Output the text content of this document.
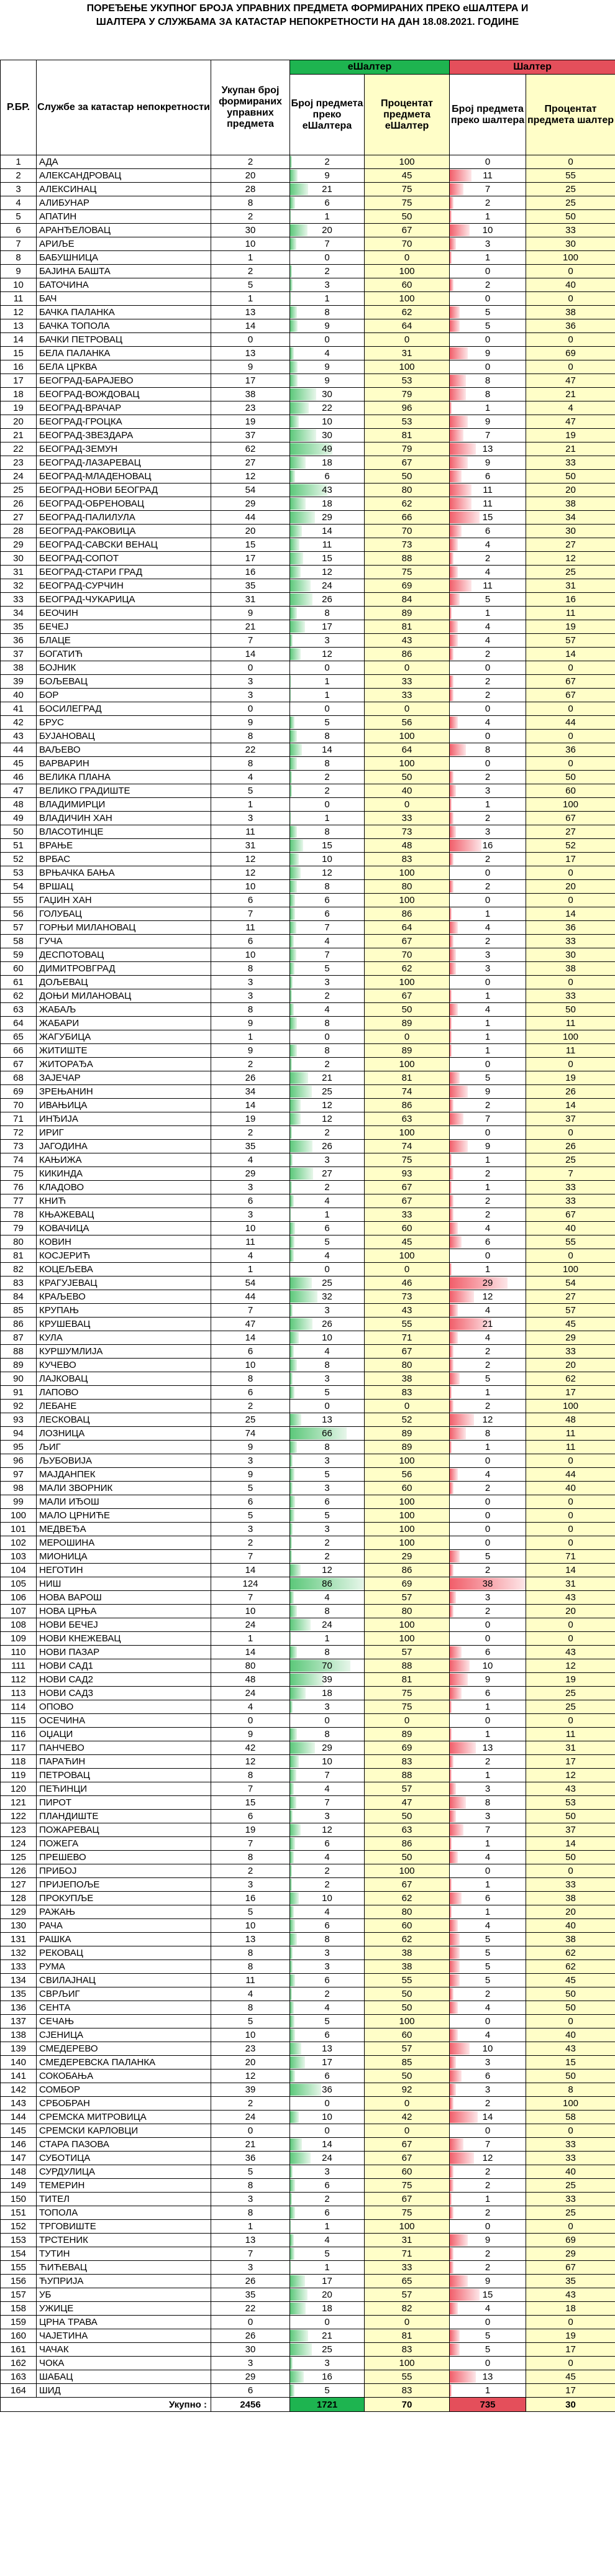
ПОРЕЂЕЊЕ УКУПНОГ БРОЈА УПРАВНИХ ПРЕДМЕТА ФОРМИРАНИХ ПРЕКО еШАЛТЕРА И
ШАЛТЕРА У СЛУЖБАМА ЗА КАТАСТАР НЕПОКРЕТНОСТИ НА ДАН 18.08.2021. ГОДИНЕ
Р.БР.	Службе за катастар непокретности	Укупан број формираних управних предмета	еШалтер		Шалтер	
			Број предмета преко еШалтера	Процентат предмета еШалтер	Број предмета преко шалтера	Процентат предмета шалтер
1	АДА	2	2	100	0	0
2	АЛЕКСАНДРОВАЦ	20	9	45	11	55
3	АЛЕКСИНАЦ	28	21	75	7	25
4	АЛИБУНАР	8	6	75	2	25
5	АПАТИН	2	1	50	1	50
6	АРАНЂЕЛОВАЦ	30	20	67	10	33
7	АРИЉЕ	10	7	70	3	30
8	БАБУШНИЦА	1	0	0	1	100
9	БАЈИНА БАШТА	2	2	100	0	0
10	БАТОЧИНА	5	3	60	2	40
11	БАЧ	1	1	100	0	0
12	БАЧКА ПАЛАНКА	13	8	62	5	38
13	БАЧКА ТОПОЛА	14	9	64	5	36
14	БАЧКИ ПЕТРОВАЦ	0	0	0	0	0
15	БЕЛА ПАЛАНКА	13	4	31	9	69
16	БЕЛА ЦРКВА	9	9	100	0	0
17	БЕОГРАД-БАРАЈЕВО	17	9	53	8	47
18	БЕОГРАД-ВОЖДОВАЦ	38	30	79	8	21
19	БЕОГРАД-ВРАЧАР	23	22	96	1	4
20	БЕОГРАД-ГРОЦКА	19	10	53	9	47
21	БЕОГРАД-ЗВЕЗДАРА	37	30	81	7	19
22	БЕОГРАД-ЗЕМУН	62	49	79	13	21
23	БЕОГРАД-ЛАЗАРЕВАЦ	27	18	67	9	33
24	БЕОГРАД-МЛАДЕНОВАЦ	12	6	50	6	50
25	БЕОГРАД-НОВИ БЕОГРАД	54	43	80	11	20
26	БЕОГРАД-ОБРЕНОВАЦ	29	18	62	11	38
27	БЕОГРАД-ПАЛИЛУЛА	44	29	66	15	34
28	БЕОГРАД-РАКОВИЦА	20	14	70	6	30
29	БЕОГРАД-САВСКИ ВЕНАЦ	15	11	73	4	27
30	БЕОГРАД-СОПОТ	17	15	88	2	12
31	БЕОГРАД-СТАРИ ГРАД	16	12	75	4	25
32	БЕОГРАД-СУРЧИН	35	24	69	11	31
33	БЕОГРАД-ЧУКАРИЦА	31	26	84	5	16
34	БЕОЧИН	9	8	89	1	11
35	БЕЧЕЈ	21	17	81	4	19
36	БЛАЦЕ	7	3	43	4	57
37	БОГАТИЋ	14	12	86	2	14
38	БОЈНИК	0	0	0	0	0
39	БОЉЕВАЦ	3	1	33	2	67
40	БОР	3	1	33	2	67
41	БОСИЛЕГРАД	0	0	0	0	0
42	БРУС	9	5	56	4	44
43	БУЈАНОВАЦ	8	8	100	0	0
44	ВАЉЕВО	22	14	64	8	36
45	ВАРВАРИН	8	8	100	0	0
46	ВЕЛИКА ПЛАНА	4	2	50	2	50
47	ВЕЛИКО ГРАДИШТЕ	5	2	40	3	60
48	ВЛАДИМИРЦИ	1	0	0	1	100
49	ВЛАДИЧИН ХАН	3	1	33	2	67
50	ВЛАСОТИНЦЕ	11	8	73	3	27
51	ВРАЊЕ	31	15	48	16	52
52	ВРБАС	12	10	83	2	17
53	ВРЊАЧКА БАЊА	12	12	100	0	0
54	ВРШАЦ	10	8	80	2	20
55	ГАЏИН ХАН	6	6	100	0	0
56	ГОЛУБАЦ	7	6	86	1	14
57	ГОРЊИ МИЛАНОВАЦ	11	7	64	4	36
58	ГУЧА	6	4	67	2	33
59	ДЕСПОТОВАЦ	10	7	70	3	30
60	ДИМИТРОВГРАД	8	5	62	3	38
61	ДОЉЕВАЦ	3	3	100	0	0
62	ДОЊИ МИЛАНОВАЦ	3	2	67	1	33
63	ЖАБАЉ	8	4	50	4	50
64	ЖАБАРИ	9	8	89	1	11
65	ЖАГУБИЦА	1	0	0	1	100
66	ЖИТИШТЕ	9	8	89	1	11
67	ЖИТОРАЂА	2	2	100	0	0
68	ЗАЈЕЧАР	26	21	81	5	19
69	ЗРЕЊАНИН	34	25	74	9	26
70	ИВАЊИЦА	14	12	86	2	14
71	ИНЂИЈА	19	12	63	7	37
72	ИРИГ	2	2	100	0	0
73	ЈАГОДИНА	35	26	74	9	26
74	КАЊИЖА	4	3	75	1	25
75	КИКИНДА	29	27	93	2	7
76	КЛАДОВО	3	2	67	1	33
77	КНИЋ	6	4	67	2	33
78	КЊАЖЕВАЦ	3	1	33	2	67
79	КОВАЧИЦА	10	6	60	4	40
80	КОВИН	11	5	45	6	55
81	КОСЈЕРИЋ	4	4	100	0	0
82	КОЦЕЉЕВА	1	0	0	1	100
83	КРАГУЈЕВАЦ	54	25	46	29	54
84	КРАЉЕВО	44	32	73	12	27
85	КРУПАЊ	7	3	43	4	57
86	КРУШЕВАЦ	47	26	55	21	45
87	КУЛА	14	10	71	4	29
88	КУРШУМЛИЈА	6	4	67	2	33
89	КУЧЕВО	10	8	80	2	20
90	ЛАЈКОВАЦ	8	3	38	5	62
91	ЛАПОВО	6	5	83	1	17
92	ЛЕБАНЕ	2	0	0	2	100
93	ЛЕСКОВАЦ	25	13	52	12	48
94	ЛОЗНИЦА	74	66	89	8	11
95	ЉИГ	9	8	89	1	11
96	ЉУБОВИЈА	3	3	100	0	0
97	МАЈДАНПЕК	9	5	56	4	44
98	МАЛИ ЗВОРНИК	5	3	60	2	40
99	МАЛИ ИЂОШ	6	6	100	0	0
100	МАЛО ЦРНИЋЕ	5	5	100	0	0
101	МЕДВЕЂА	3	3	100	0	0
102	МЕРОШИНА	2	2	100	0	0
103	МИОНИЦА	7	2	29	5	71
104	НЕГОТИН	14	12	86	2	14
105	НИШ	124	86	69	38	31
106	НОВА ВАРОШ	7	4	57	3	43
107	НОВА ЦРЊА	10	8	80	2	20
108	НОВИ БЕЧЕЈ	24	24	100	0	0
109	НОВИ КНЕЖЕВАЦ	1	1	100	0	0
110	НОВИ ПАЗАР	14	8	57	6	43
111	НОВИ САД1	80	70	88	10	12
112	НОВИ САД2	48	39	81	9	19
113	НОВИ САД3	24	18	75	6	25
114	ОПОВО	4	3	75	1	25
115	ОСЕЧИНА	0	0	0	0	0
116	ОЏАЦИ	9	8	89	1	11
117	ПАНЧЕВО	42	29	69	13	31
118	ПАРАЋИН	12	10	83	2	17
119	ПЕТРОВАЦ	8	7	88	1	12
120	ПЕЋИНЦИ	7	4	57	3	43
121	ПИРОТ	15	7	47	8	53
122	ПЛАНДИШТЕ	6	3	50	3	50
123	ПОЖАРЕВАЦ	19	12	63	7	37
124	ПОЖЕГА	7	6	86	1	14
125	ПРЕШЕВО	8	4	50	4	50
126	ПРИБОЈ	2	2	100	0	0
127	ПРИЈЕПОЉЕ	3	2	67	1	33
128	ПРОКУПЉЕ	16	10	62	6	38
129	РАЖАЊ	5	4	80	1	20
130	РАЧА	10	6	60	4	40
131	РАШКА	13	8	62	5	38
132	РЕКОВАЦ	8	3	38	5	62
133	РУМА	8	3	38	5	62
134	СВИЛАЈНАЦ	11	6	55	5	45
135	СВРЉИГ	4	2	50	2	50
136	СЕНТА	8	4	50	4	50
137	СЕЧАЊ	5	5	100	0	0
138	СЈЕНИЦА	10	6	60	4	40
139	СМЕДЕРЕВО	23	13	57	10	43
140	СМЕДЕРЕВСКА ПАЛАНКА	20	17	85	3	15
141	СОКОБАЊА	12	6	50	6	50
142	СОМБОР	39	36	92	3	8
143	СРБОБРАН	2	0	0	2	100
144	СРЕМСКА МИТРОВИЦА	24	10	42	14	58
145	СРЕМСКИ КАРЛОВЦИ	0	0	0	0	0
146	СТАРА ПАЗОВА	21	14	67	7	33
147	СУБОТИЦА	36	24	67	12	33
148	СУРДУЛИЦА	5	3	60	2	40
149	ТЕМЕРИН	8	6	75	2	25
150	ТИТЕЛ	3	2	67	1	33
151	ТОПОЛА	8	6	75	2	25
152	ТРГОВИШТЕ	1	1	100	0	0
153	ТРСТЕНИК	13	4	31	9	69
154	ТУТИН	7	5	71	2	29
155	ЋИЋЕВАЦ	3	1	33	2	67
156	ЋУПРИЈА	26	17	65	9	35
157	УБ	35	20	57	15	43
158	УЖИЦЕ	22	18	82	4	18
159	ЦРНА ТРАВА	0	0	0	0	0
160	ЧАЈЕТИНА	26	21	81	5	19
161	ЧАЧАК	30	25	83	5	17
162	ЧОКА	3	3	100	0	0
163	ШАБАЦ	29	16	55	13	45
164	ШИД	6	5	83	1	17
Укупно :		2456	1721	70	735	30
